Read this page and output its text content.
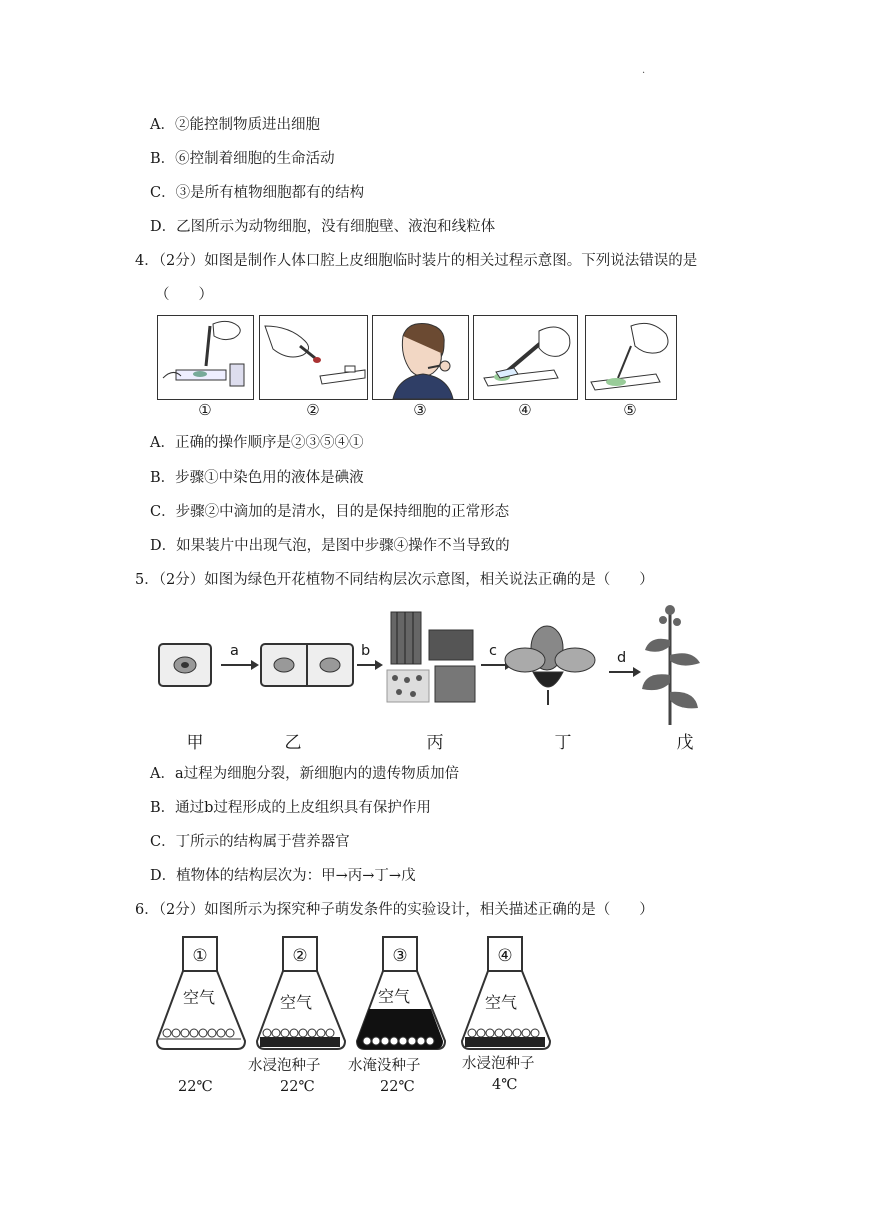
·
A．②能控制物质进出细胞
B．⑥控制着细胞的生命活动
C．③是所有植物细胞都有的结构
D．乙图所示为动物细胞，没有细胞壁、液泡和线粒体
4．（2分）如图是制作人体口腔上皮细胞临时装片的相关过程示意图。下列说法错误的是
（　　）
①	②	③	④	⑤
A．正确的操作顺序是②③⑤④①
B．步骤①中染色用的液体是碘液
C．步骤②中滴加的是清水，目的是保持细胞的正常形态
D．如果装片中出现气泡，是图中步骤④操作不当导致的
5．（2分）如图为绿色开花植物不同结构层次示意图，相关说法正确的是（　　）
a	b	c	d
甲	乙	丙	丁	戊
A．a过程为细胞分裂，新细胞内的遗传物质加倍
B．通过b过程形成的上皮组织具有保护作用
C．丁所示的结构属于营养器官
D．植物体的结构层次为：甲→丙→丁→戊
6．（2分）如图所示为探究种子萌发条件的实验设计，相关描述正确的是（　　）
①
空气
22℃
②
空气
水浸泡种子
22℃
③
空气
水淹没种子
22℃
④
空气
水浸泡种子
4℃
